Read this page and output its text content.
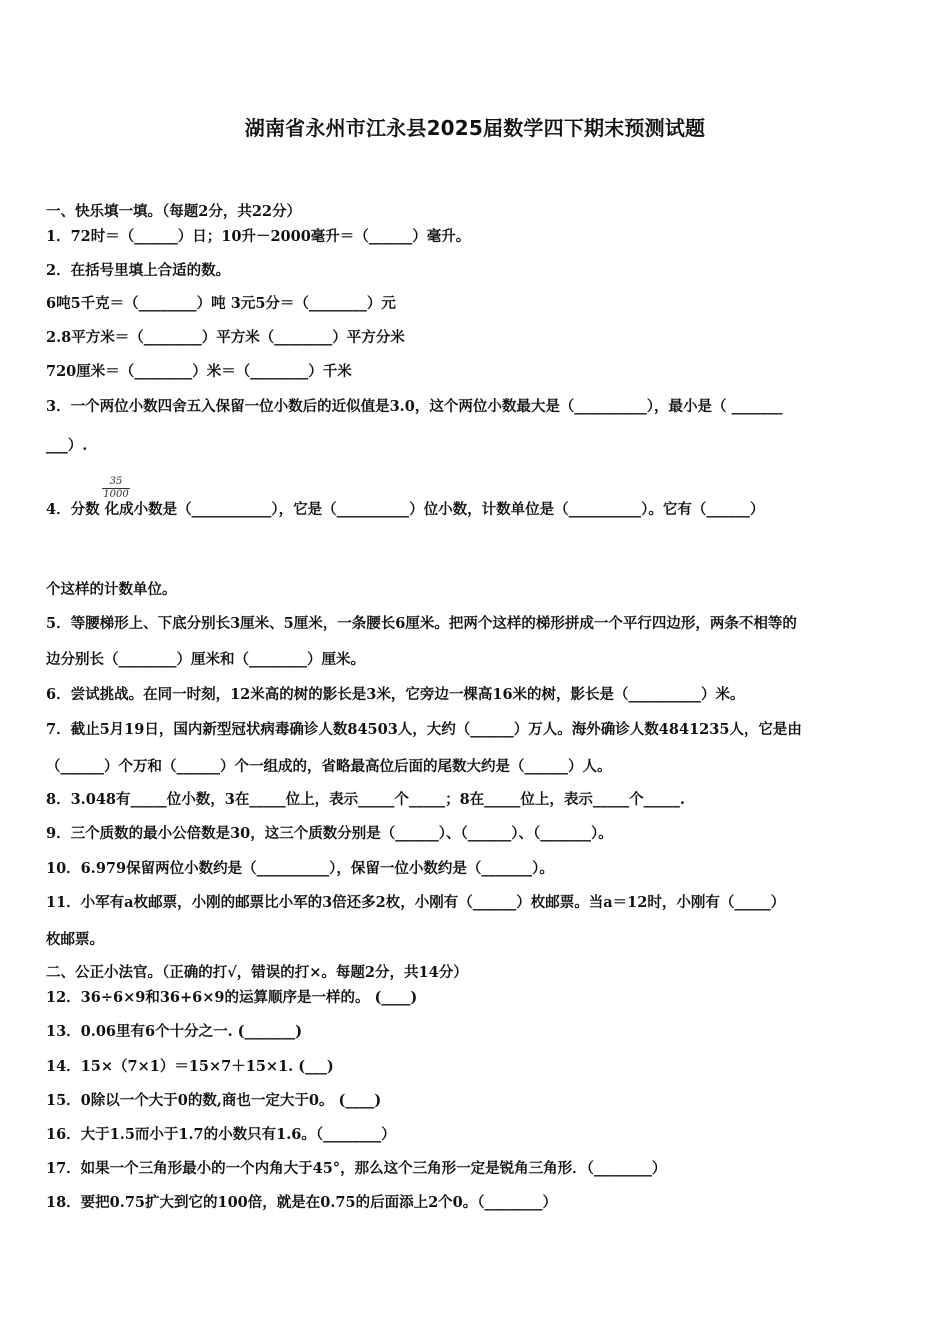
湖南省永州市江永县2025届数学四下期末预测试题
$\frac{35}{1000}$
一、快乐填一填。（每题2分，共22分）
1．72时＝（______）日；10升－2000毫升＝（______）毫升。
2．在括号里填上合适的数。
6吨5千克＝（________）吨 3元5分＝（________）元
2.8平方米＝（________）平方米（________）平方分米
720厘米＝（________）米＝（________）千米
3．一个两位小数四舍五入保留一位小数后的近似值是3.0，这个两位小数最大是（__________），最小是（ _______
___）.
4．分数 化成小数是（___________），它是（__________）位小数，计数单位是（__________）。它有（______）
个这样的计数单位。
5．等腰梯形上、下底分别长3厘米、5厘米，一条腰长6厘米。把两个这样的梯形拼成一个平行四边形，两条不相等的
边分别长（________）厘米和（________）厘米。
6．尝试挑战。在同一时刻，12米高的树的影长是3米，它旁边一棵高16米的树，影长是（__________）米。
7．截止5月19日，国内新型冠状病毒确诊人数84503人，大约（______）万人。海外确诊人数4841235人，它是由
（______）个万和（______）个一组成的，省略最高位后面的尾数大约是（______）人。
8．3.048有_____位小数，3在_____位上，表示_____个_____；8在_____位上，表示_____个_____.
9．三个质数的最小公倍数是30，这三个质数分别是（______）、（______）、（_______）。
10．6.979保留两位小数约是（__________），保留一位小数约是（_______）。
11．小军有a枚邮票，小刚的邮票比小军的3倍还多2枚，小刚有（______）枚邮票。当a＝12时，小刚有（_____）
枚邮票。
二、公正小法官。（正确的打√，错误的打×。每题2分，共14分）
12．36÷6×9和36+6×9的运算顺序是一样的。 (____)
13．0.06里有6个十分之一. (_______)
14．15×（7×1）＝15×7＋15×1. (___)
15．0除以一个大于0的数,商也一定大于0。 (____)
16．大于1.5而小于1.7的小数只有1.6。（________）
17．如果一个三角形最小的一个内角大于45°，那么这个三角形一定是锐角三角形．（________）
18．要把0.75扩大到它的100倍，就是在0.75的后面添上2个0。（________）
